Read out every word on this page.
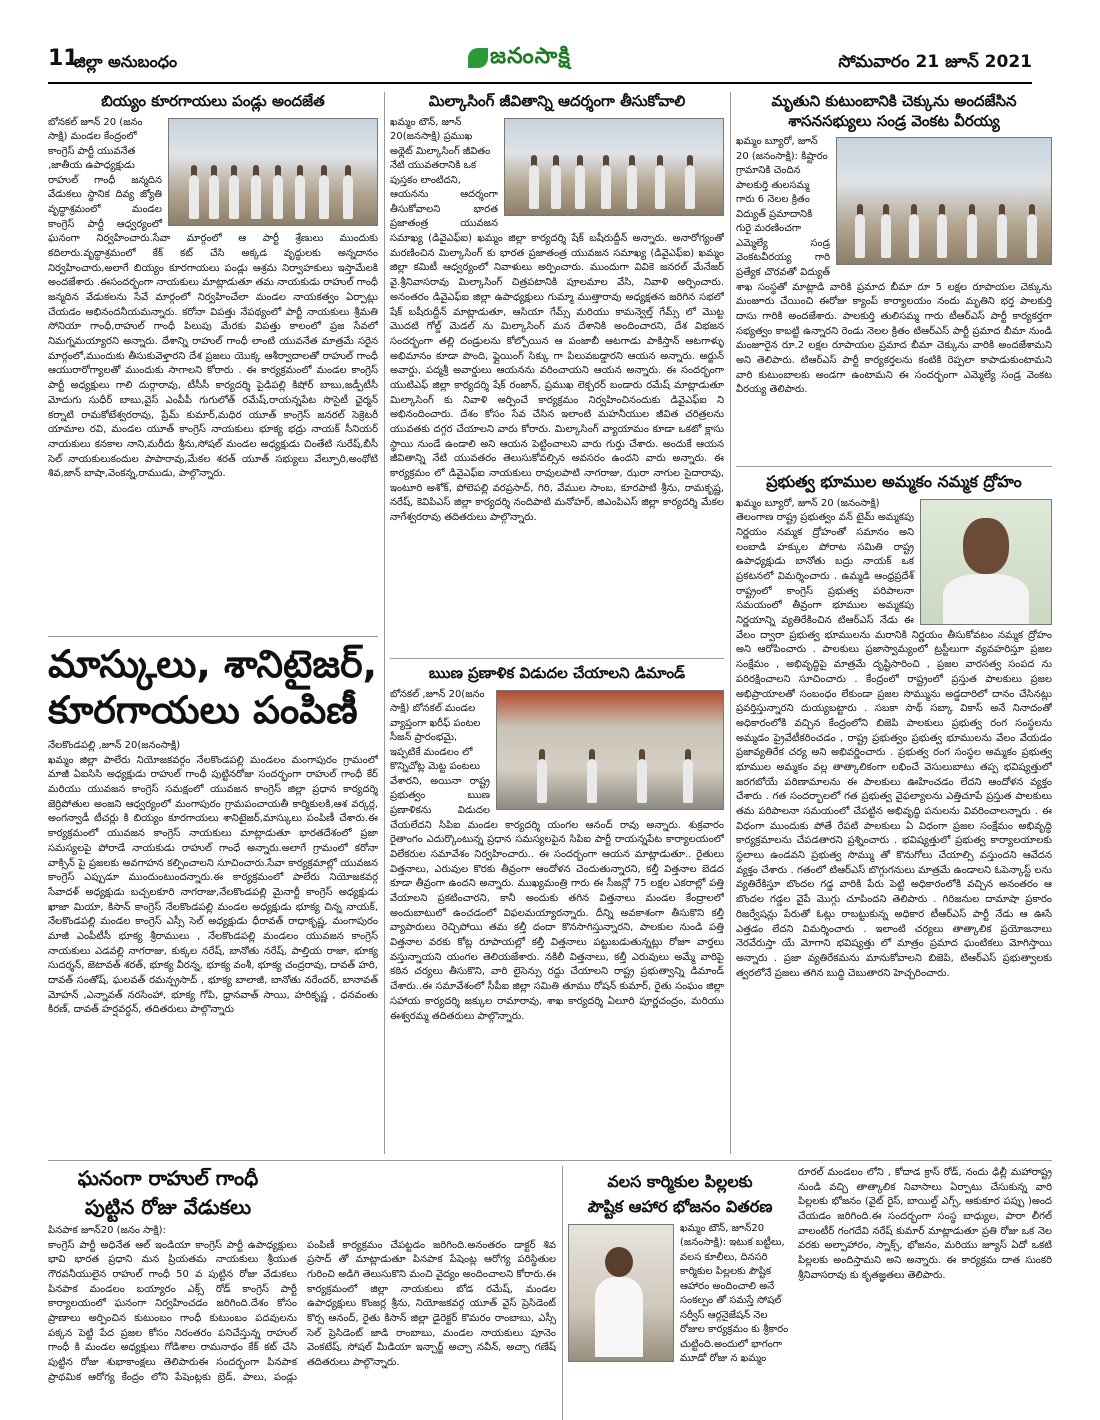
11
జిల్లా అనుబంధం	జనంసాక్షి	సోమవారం 21 జూన్ 2021
బియ్యం కూరగాయలు పండ్లు అందజేత
బోనకల్ జూన్ 20 (జనం సాక్షి) మండల కేంద్రంలో కాంగ్రెస్ పార్టీ యువనేత ,జాతీయ ఉపాధ్యక్షుడు
రాహుల్ గాంధీ జన్మదిన వేడుకలు స్థానిక దివ్య జ్యోతి వృద్ధాశ్రమంలో మండల కాంగ్రెస్ పార్టీ ఆధ్వర్యంలో ఘనంగా నిర్వహించారు.సేవా మార్గంలో ఆ పార్టీ శ్రేణులు ముందుకు కదిలారు.వృద్ధాశ్రమంలో కేక్ కట్ చేసి అక్కడ వృద్ధులకు అన్నదానం నిర్వహించారు,అలాగే బియ్యం కూరగాయలు పండ్లు ఆశ్రమ నిర్వాహకులు ఇస్తామేలకి అందజేశారు .ఈసందర్భంగా నాయకులు మాట్లాడుతూ తమ నాయకుడు రాహుల్ గాంధీ జన్మదిన వేడుకలను సేవే మార్గంలో నిర్వహించేలా మండల నాయకత్వం ఏర్పాట్లు చేయడం అభినందనీయమన్నారు. కరోనా విపత్తు నేపథ్యంలో పార్టీ నాయకులు శ్రీమతి సోనియా గాంధీ,రాహుల్ గాంధీ పిలుపు మేరకు విపత్తు కాలంలో ప్రజ సేవలో నిమగ్నమయ్యారని అన్నారు. దేశాన్ని రాహుల్ గాంధీ లాంటి యువనేత మాత్రమే సరైన మార్గంలో,ముందుకు తీసుకువెళ్తారని దేశ ప్రజలు యొక్క ఆశీర్వాదాలతో రాహుల్ గాంధీ ఆయురారోగ్యాలతో ముందుకు సాగాలని కోరారు . ఈ కార్యక్రమంలో మండల కాంగ్రెస్ పార్టీ అధ్యక్షులు గాలి దుర్గారావు, టీసీసీ కార్యదర్శి పైడిపల్లి కిషోర్ బాబు,జడ్పీటీసీ మోదుగు సుధీర్ బాబు,వైస్ ఎంపీపీ గుగులోత్ రమేష్,రాయన్నపేట సొసైటీ ఛైర్మన్ కర్నాటి రామకోటేశ్వరరావు, ప్రేమ్ కుమార్,మధిర యూత్ కాంగ్రెస్ జనరల్ సెక్రెటరీ యామాల రవి, మండల యూత్ కాంగ్రెస్ నాయకులు భూక్య భద్రు నాయక్ సీనియర్ నాయకులు కనకాల నాని,మరీదు శ్రీను,సోషల్ మండల అధ్యక్షుడు చింతేటి సురేష్,బీసీ సెల్ నాయకులుకందుల పాపారావు,మేకల శరత్ యూత్ సభ్యులు వేల్పూరి,అంథోటి శివ,జాన్ బాషా,వెంకన్న,రాముడు, పాల్గొన్నారు.
మాస్కులు, శానిటైజర్, కూరగాయలు పంపిణీ
నేలకొండపల్లి ,జూన్ 20(జనంసాక్షి)
ఖమ్మం జిల్లా పాలేరు నియోజకవర్గం నేలకొండపల్లి మండలం మంగాపురం గ్రామంలో మాజీ ఏఐసిసి అధ్యక్షుడు రాహుల్ గాంధీ పుట్టినరోజు సందర్భంగా రాహుల్ గాంధీ కేర్ మరియు యువజన కాంగ్రెస్ సమక్షంలో యువజన కాంగ్రెస్ జిల్లా ప్రధాన కార్యదర్శి జెర్రిపోతుల అంజని ఆధ్వర్యంలో మంగాపురం గ్రామపంచాయతీ కార్మికులకి,ఆశ వర్కర్ల, అంగన్వాడీ టీచర్లు కి బియ్యం కూరగాయలు శానిటైజర్,మాస్కులు పంపిణీ చేశారు.ఈ కార్యక్రమంలో యువజన కాంగ్రెస్ నాయకులు మాట్లాడుతూ భారతదేశంలో ప్రజా సమస్యలపై పోరాడే నాయకుడు రాహుల్ గాంధే అన్నారు.అలాగే గ్రామంలో కరోనా వాక్సిన్ పై ప్రజలకు అవగాహన కల్పించాలని సూచించారు.సేవా కార్యక్రమాల్లో యువజన కాంగ్రెస్ ఎప్పుడూ ముందుంటుందన్నారు.ఈ కార్యక్రమంలో పాలేరు నియోజకవర్గ సేవాదళ్ అధ్యక్షుడు బచ్చలకూరి నాగరాజు,నేలకొండపల్లి మైనార్టీ కాంగ్రెస్ అధ్యక్షుడు ఖాజా మియా, కిసాన్ కాంగ్రెస్ నేలకొండపల్లి మండల అధ్యక్షుడు భూక్య చిన్న నాయక్, నేలకొండపల్లి మండల కాంగ్రెస్ ఎస్సీ సెల్ అధ్యక్షుడు ధీరావత్ రాధాకృష్ణ, మంగాపురం మాజీ ఎంపీటీసీ భూక్య శ్రీరాములు , నేలకొండపల్లి మండలం యువజన కాంగ్రెస్ నాయకులు ఎడవల్లి నాగరాజు, కుక్కల నరేష్, బానోతు నరేష్, పాల్తియ రాజా, భూక్య సుదర్శన్, జెటావత్ శరత్, భూక్య వీరన్న, భూక్య వంశీ, భూక్య చంద్రరావు, దావత్ హరి, దావత్ సంతోష్, ఘలవత్ రమన్ప్రసాద్ , భూక్య బాలాజీ, బానోతు నరేందర్, బానావత్ మోహన్ ,ఎన్నావత్ నరసింహా, భూక్య గోపి, ధ్రానవాత్ సాయి, హరికృష్ణ , ధనవంతు కిరణ్, దావత్ హర్షవర్ధన్, తదితరులు పాల్గొన్నారు
మిల్కాసింగ్ జీవితాన్ని ఆదర్శంగా తీసుకోవాలి
ఖమ్మం టౌన్, జూన్ 20(జనసాక్షి) ప్రముఖ అథ్లెట్ మిల్కాసింగ్ జీవితం నేటి యువతరానికి ఒక పుస్తకం లాంటిదని,
ఆయనను ఆదర్శంగా తీసుకోవాలని భారత ప్రజాతంత్ర యువజన సమాఖ్య (డివైఎఫ్ఐ) ఖమ్మం జిల్లా కార్యదర్శి షేక్ బషీరుద్దీన్ అన్నారు. అనారోగ్యంతో మరణించిన మిల్కాసింగ్ కు భారత ప్రజాతంత్ర యువజన సమాఖ్య (డివైఎఫ్ఐ) ఖమ్మం జిల్లా కమిటీ ఆధ్వర్యంలో నివాళులు అర్పించారు. ముందుగా వివికె జనరల్ మేనేజర్ వై.శ్రీనివాసరావు మిల్కాసింగ్ చిత్రపటానికి పూలమాల వేసి, నివాళి అర్పించారు. అనంతరం డివైఎఫ్ఐ జిల్లా ఉపాధ్యక్షులు గుమ్మా ముత్తారావు అధ్యక్షతన జరిగిన సభలో షేక్ బషీరుద్దీన్ మాట్లాడుతూ, ఆసియా గేమ్స్ మరియు కామన్వెల్త్ గేమ్స్ లో మొట్ట మొదటి గోల్డ్ మెడల్ ను మిల్కాసింగ్ మన దేశానికి అందించారని, దేశ విభజన సందర్భంగా తల్లి దండ్రులను కోల్పోయిన ఆ పంజాబీ ఆటగాడు పాకిస్తాన్ ఆటగాళ్ళు అభిమానం కూడా పొంది, ఫ్లైయింగ్ సిక్కు గా పిలువబడ్డారని ఆయన అన్నారు. అర్జున్ అవార్డు, పద్మశ్రీ అవార్డులు ఆయనను వరించాయని ఆయన అన్నారు. ఈ సందర్భంగా యుటిఎఫ్ జిల్లా కార్యదర్శి షేక్ రంజాన్, ప్రముఖ లెక్చరర్ బండారు రమేష్ మాట్లాడుతూ మిల్కాసింగ్ కు నివాళి అర్పించే కార్యక్రమం నిర్వహించినందుకు డివైఎఫ్ఐ ని అభినందించారు. దేశం కోసం సేవ చేసిన ఇలాంటి మహనీయుల జీవిత చరిత్రలను యువతకు దగ్గర చేయాలని వారు కోరారు. మిల్కాసింగ్ వ్యాయామం కూడా ఒకటో క్లాసు స్థాయి నుండే ఉండాలి అని ఆయన పెట్టించాలని వారు గుర్తు చేశారు. అందుకే ఆయన జీవితాన్ని నేటి యువతరం తెలుసుకోవల్సిన అవసరం ఉందని వారు అన్నారు. ఈ కార్యక్రమం లో డివైఎఫ్ఐ నాయకులు రావులపాటి నాగరాజు, ఝరా నాగుల సైదారావు, ఇంటూరి అశోక్, పోలెపల్లి వరప్రసాద్, గిరి, వేముల సాంబ, కూరపాటి శ్రీను, రామకృష్ణ, నరేష్, కెవిపిఎస్ జిల్లా కార్యదర్శి నందిపాటి మనోహర్, జిఎంపిఎస్ జిల్లా కార్యదర్శి మేకల నాగేశ్వరరావు తదితరులు పాల్గొన్నారు.
ఋణ ప్రణాళిక విడుదల చేయాలని డిమాండ్
బోనకల్ ,జూన్ 20(జనం సాక్షి) బోనకల్ మండల వ్యాప్తంగా ఖరీఫ్ పంటల సీజన్ ప్రారంభమై, ఇప్పటికే మండలం లో కొన్నిచోట్ల మెట్ట పంటలు
వేశారని, అయినా రాష్ట్ర ప్రభుత్వం ఋణ ప్రణాళికను విడుదల చేయలేదని సిపిఐ మండల కార్యదర్శి యంగల ఆనంద్ రావు అన్నారు. శుక్రవారం రైతాంగం ఎదుర్కొంటున్న ప్రధాన సమస్యలపైన సిపిఐ పార్టీ రాయన్నపేట కార్యాలయంలో విలేకరుల సమావేశం నిర్వహించారు.. ఈ సందర్భంగా ఆయన మాట్లాడుతూ.. రైతులు విత్తనాలు, ఎరువుల కొరకు తీవ్రంగా ఆందోళన చెందుతున్నారని, కల్తీ విత్తనాల బెడద కూడా తీవ్రంగా ఉందని అన్నారు. ముఖ్యమంత్రి గారు ఈ సీజన్లో 75 లక్షల ఎకరాల్లో పత్తి వేయాలని ప్రకటించారని, కానీ అందుకు తగిన విత్తనాలు మండల కేంద్రాలలో అందుబాటులో ఉంచడంలో విఫలమయ్యారన్నారు. దీన్ని అవకాశంగా తీసుకొని కల్తీ వ్యాపారులు రెచ్చిపోయి తమ కల్తీ దందా కొనసాగిస్తున్నారని, పాలకుల నుండి పత్తి విత్తనాల వరకు కోట్ల రూపాయల్లో కల్తీ విత్తనాలు పట్టుబడుతున్నట్లు రోజూ వార్తలు వస్తున్నాయని యంగల తెలియజేశారు. నకిలీ విత్తనాలు, కల్తీ ఎరువులు అమ్మే వారిపై కఠిన చర్యలు తీసుకొని, వారి లైసెన్సు రద్దు చేయాలని రాష్ట్ర ప్రభుత్వాన్ని డిమాండ్ చేశారు..ఈ సమావేశంలో సీపీఐ జిల్లా సమితి తూము రోషన్ కుమార్, రైతు సంఘం జిల్లా సహాయ కార్యదర్శి జక్కుల రామారావు, శాఖ కార్యదర్శి ఏలూరి పూర్ణచంద్రం, మరియు ఈశ్వరమ్మ తదితరులు పాల్గొన్నారు.
మృతుని కుటుంబానికి చెక్కును అందజేసిన
శాసనసభ్యులు సండ్ర వెంకట వీరయ్య
ఖమ్మం బ్యూరో, జూన్ 20 (జనంసాక్షి): కిష్టారం గ్రామానికి చెందిన పాలకుర్తి తులసమ్మ గారు 6 నెలల క్రితం విద్యుత్ ప్రమాదానికి గురై మరణించగా
ఎమ్మెల్యే సండ్ర వెంకటవీరయ్య గారి ప్రత్యేక చొరవతో విద్యుత్ శాఖ సంస్థతో మాట్లాడి వారికి ప్రమాద బీమా రూ 5 లక్షల రూపాయల చెక్కును మంజూరు చేయించి ఈరోజు క్యాంప్ కార్యాలయం నందు మృతిని భర్త పాలకుర్తి దాసు గారికి అందజేశారు. పాలకుర్తి తులిసమ్మ గారు టీఆర్ఎస్ పార్టీ కార్యకర్తగా సభ్యత్వం కాబట్టి ఉన్నారని రెండు నెలల క్రితం టిఆర్ఎస్ పార్టీ ప్రమాద బీమా నుండి మంజూరైన రూ.2 లక్షల రూపాయల ప్రమాద బీమా చెక్కును వారికి అందజేశామని అని తెలిపారు. టిఆర్ఎస్ పార్టీ కార్యకర్తలను కంటికి రెప్పలా కాపాడుకుంటామని వారి కుటుంబాలకు అండగా ఉంటామని ఈ సందర్భంగా ఎమ్మెల్యే సండ్ర వెంకట వీరయ్య తెలిపారు.
ప్రభుత్వ భూముల అమ్మకం నమ్మక ద్రోహం
ఖమ్మం బ్యూరో, జూన్ 20 (జనంసాక్షి)
తెలంగాణ రాష్ట్ర ప్రభుత్వం వన్ టైమ్ అమ్మకపు నిర్ణయం నమ్మక ద్రోహంతో సమానం అని లంబాడి హక్కుల పోరాట సమితి రాష్ట్ర ఉపాధ్యక్షుడు బానోతు బద్రు నాయక్ ఒక ప్రకటనలో విమర్శించారు . ఉమ్మడి ఆంధ్రప్రదేశ్ రాష్ట్రంలో కాంగ్రెస్ ప్రభుత్వ పరిపాలనా సమయంలో తీవ్రంగా భూముల అమ్మకపు నిర్ణయాన్ని వ్యతిరేకించిన టిఆర్ఎస్ నేడు ఈ వేలం ద్వారా ప్రభుత్వ భూములను మరానికి నిర్ణయం తీసుకోవటం నమ్మక ద్రోహం అని ఆరోపించారు . పాలకులు ప్రజాస్వామ్యంలో ట్రస్టీలుగా వ్యవహరిస్తూ ప్రజల సంక్షేమం , అభివృద్ధిపై మాత్రమే దృష్టిసారించి , ప్రజల వారసత్వ సంపద ను పరిరక్షించాలని సూచించారు . కేంద్రంలో రాష్ట్రంలో ప్రస్తుత పాలకులు ప్రజల అభిప్రాయాలతో సంబంధం లేకుండా ప్రజల సొమ్మును అడ్డదారిలో దానం చేసినట్లు ప్రవర్తిస్తున్నారని దుయ్యబట్టారు . సబకా సాథ్ సబ్కా వికాస్ అనే నినాదంతో అధికారంలోకి వచ్చిన కేంద్రంలోని బిజెపి పాలకులు ప్రభుత్వ రంగ సంస్థలను అమ్మడం ప్రైవేటీకరించడం , రాష్ట్ర ప్రభుత్వం ప్రభుత్వ భూములను వేలం వేయడం ప్రజావ్యతిరేక చర్య అని అభివర్ణించారు . ప్రభుత్వ రంగ సంస్థల అమ్మకం ప్రభుత్వ భూముల అమ్మకం వల్ల తాత్కాలికంగా లభించే వెసులుబాటు తప్ప భవిష్యత్తులో జరగబోయే పరిణామాలను ఈ పాలకులు ఊహించడం లేదని ఆందోళన వ్యక్తం చేశారు . గత సందర్భాలలో గత ప్రభుత్వ వైఫల్యాలను ఎత్తిచూపే ప్రస్తుత పాలకులు తమ పరిపాలనా సమయంలో చేపట్టిన అభివృద్ధి పనులను వివరించాలన్నారు . ఈ విధంగా ముందుకు పోతే రేపటి పాలకులు ఏ విధంగా ప్రజల సంక్షేమం అభివృద్ధి కార్యక్రమాలను చేపడతారని ప్రశ్నించారు . భవిష్యత్తులో ప్రభుత్వ కార్యాలయాలకు స్థలాలు ఉండవని ప్రభుత్వ సొమ్ము తో కొనుగోలు చేయాల్సి వస్తుందని ఆవేదన వ్యక్తం చేశారు . గతంలో టిఆర్ఎస్ బొగ్గుగనులు మాత్రమే ఉండాలని ఓపెన్కాస్ట్ లను వ్యతిరేకిస్తూ బొందల గడ్డ వారికి పేరు పెట్టి అధికారంలోకి వచ్చిన అనంతరం ఆ బొందల గడ్డల వైపే మొగ్గు చూపిందని తెలిపారు . గిరిజనుల దామాషా ప్రకారం రిజర్వేషన్లు పేరుతో ఓట్లు రాబట్టుకున్న అధికార టీఆర్ఎస్ పార్టీ నేడు ఆ ఊసే ఎత్తడం లేదని విమర్శించారు . ఇలాంటి చర్యలు తాత్కాలిక ప్రయోజనాలు నెరవేరుస్తా యే మోగాని భవిష్యత్తు లో మాత్రం ప్రమాద ఘంటికలు మోగిస్తాయి అన్నారు . ప్రజా వ్యతిరేకమను మానుకోవాలని బిజెపి, టిఆర్ఎస్ ప్రభుత్వాలకు త్వరలోనే ప్రజలు తగిన బుద్ధి చెబుతారని హెచ్చరించారు.
ఘనంగా రాహుల్ గాంధీ
పుట్టిన రోజు వేడుకలు
పినపాక జూన్20 (జనం సాక్షి):
కాంగ్రెస్ పార్టీ అధినేత ఆల్ ఇండియా కాంగ్రెస్ పార్టీ ఉపాధ్యక్షులు భావి భారత ప్రధాని మన ప్రియతమ నాయకులు శ్రీయుత గౌరవనీయులైన రాహుల్ గాంధీ 50 వ పుట్టిన రోజు వేడుకలు పినపాక మండలం బయ్యారం ఎక్స్ రోడ్ కాంగ్రెస్ పార్టీ కార్యాలయంలో ఘనంగా నిర్వహించడం జరిగింది.దేశం కోసం ప్రాణాలు అర్పించిన కుటుంబం గాంధీ కుటుంబం పదవులను పక్కన పెట్టి పేద ప్రజల కోసం నిరంతరం పనిచేస్తున్న రాహుల్ గాంధీ కి మండల అధ్యక్షులు గోడిశాల రామనాథం కేక్ కట్ చేసి పుట్టిన రోజు శుభాకాంక్షలు తెలిపారుఈ సందర్భంగా పినపాక ప్రాథమిక ఆరోగ్య కేంద్రం లోని పేషెంట్లకు బ్రెడ్, పాలు, పండ్లు పంపిణీ కార్యక్రమం చేపట్టడం జరిగింది.అనంతరం డాక్టర్ శివ ప్రసాద్ తో మాట్లాడుతూ పినపాక పేషెంట్ల ఆరోగ్య పరిస్థితుల గురించి అడిగి తెలుసుకొని మంచి వైద్యం అందించాలని కోరారు.ఈ కార్యక్రమంలో జిల్లా నాయకులు బోడ రమేష్, మండల ఉపాధ్యక్షులు కొంజర్ల శ్రీను, నియోజకవర్గ యూత్ వైస్ ప్రెసిడెంట్ కొర్స ఆనంద్, రైతు కిసాన్ జిల్లా డైరెక్టర్ కొమరం రాంబాబు, ఎస్సీ సెల్ ప్రెసిడెంట్ జాడి రాంబాబు, మండల నాయకులు పూనెం వెంకటేష్, సోషల్ మీడియా ఇన్చార్జ్ అచ్చా నవీన్, అచ్చా గణేష్ తదితరులు పాల్గొన్నారు.
వలస కార్మికుల పిల్లలకు
పౌష్టిక ఆహార భోజనం వితరణ
ఖమ్మం టౌన్, జూన్20 (జనంసాక్షి): ఇటుక బట్టీలు, వలస కూలీలు, దినసరి కార్మికుల పిల్లలకు పౌష్టిక ఆహారం అందించాలి అనే సంకల్పం తో సమస్తే సోషల్ సర్వీస్ ఆర్గనైజేషన్ నెల రోజుల కార్యక్రమం కు శ్రీకారం చుట్టింది.అందులో భాగంగా మూడో రోజు న ఖమ్మం
రూరల్ మండలం లోని , కోదాడ క్రాస్ రోడ్, నందు ఢిల్లీ మహారాష్ట్ర నుండి వచ్చి తాత్కాలిక నివాసాలు ఏర్పాటు చేసుకున్న వారి పిల్లలకు భోజనం (వైట్ రైస్, బాయిల్డ్ ఎగ్స్, ఆకుకూర పప్పు )అంద చేయడం జరిగింది.ఈ సందర్భంగా సంస్థ బాధ్యుల, పారా లీగల్ వాలంటీర్ గంగదేవి నరేష్ కుమార్ మాట్లాడుతూ ప్రతి రోజు ఒక నెల వరకు అల్పాహారం, స్నాక్స్, భోజనం, మరియు జ్యూస్ ఏదో ఒకటి పిల్లలకు అందిస్తామని అని అన్నారు. ఈ కార్యక్రమ దాత సుంకరి శ్రీనివాసరావు కు కృతజ్ఞతలు తెలిపారు.
